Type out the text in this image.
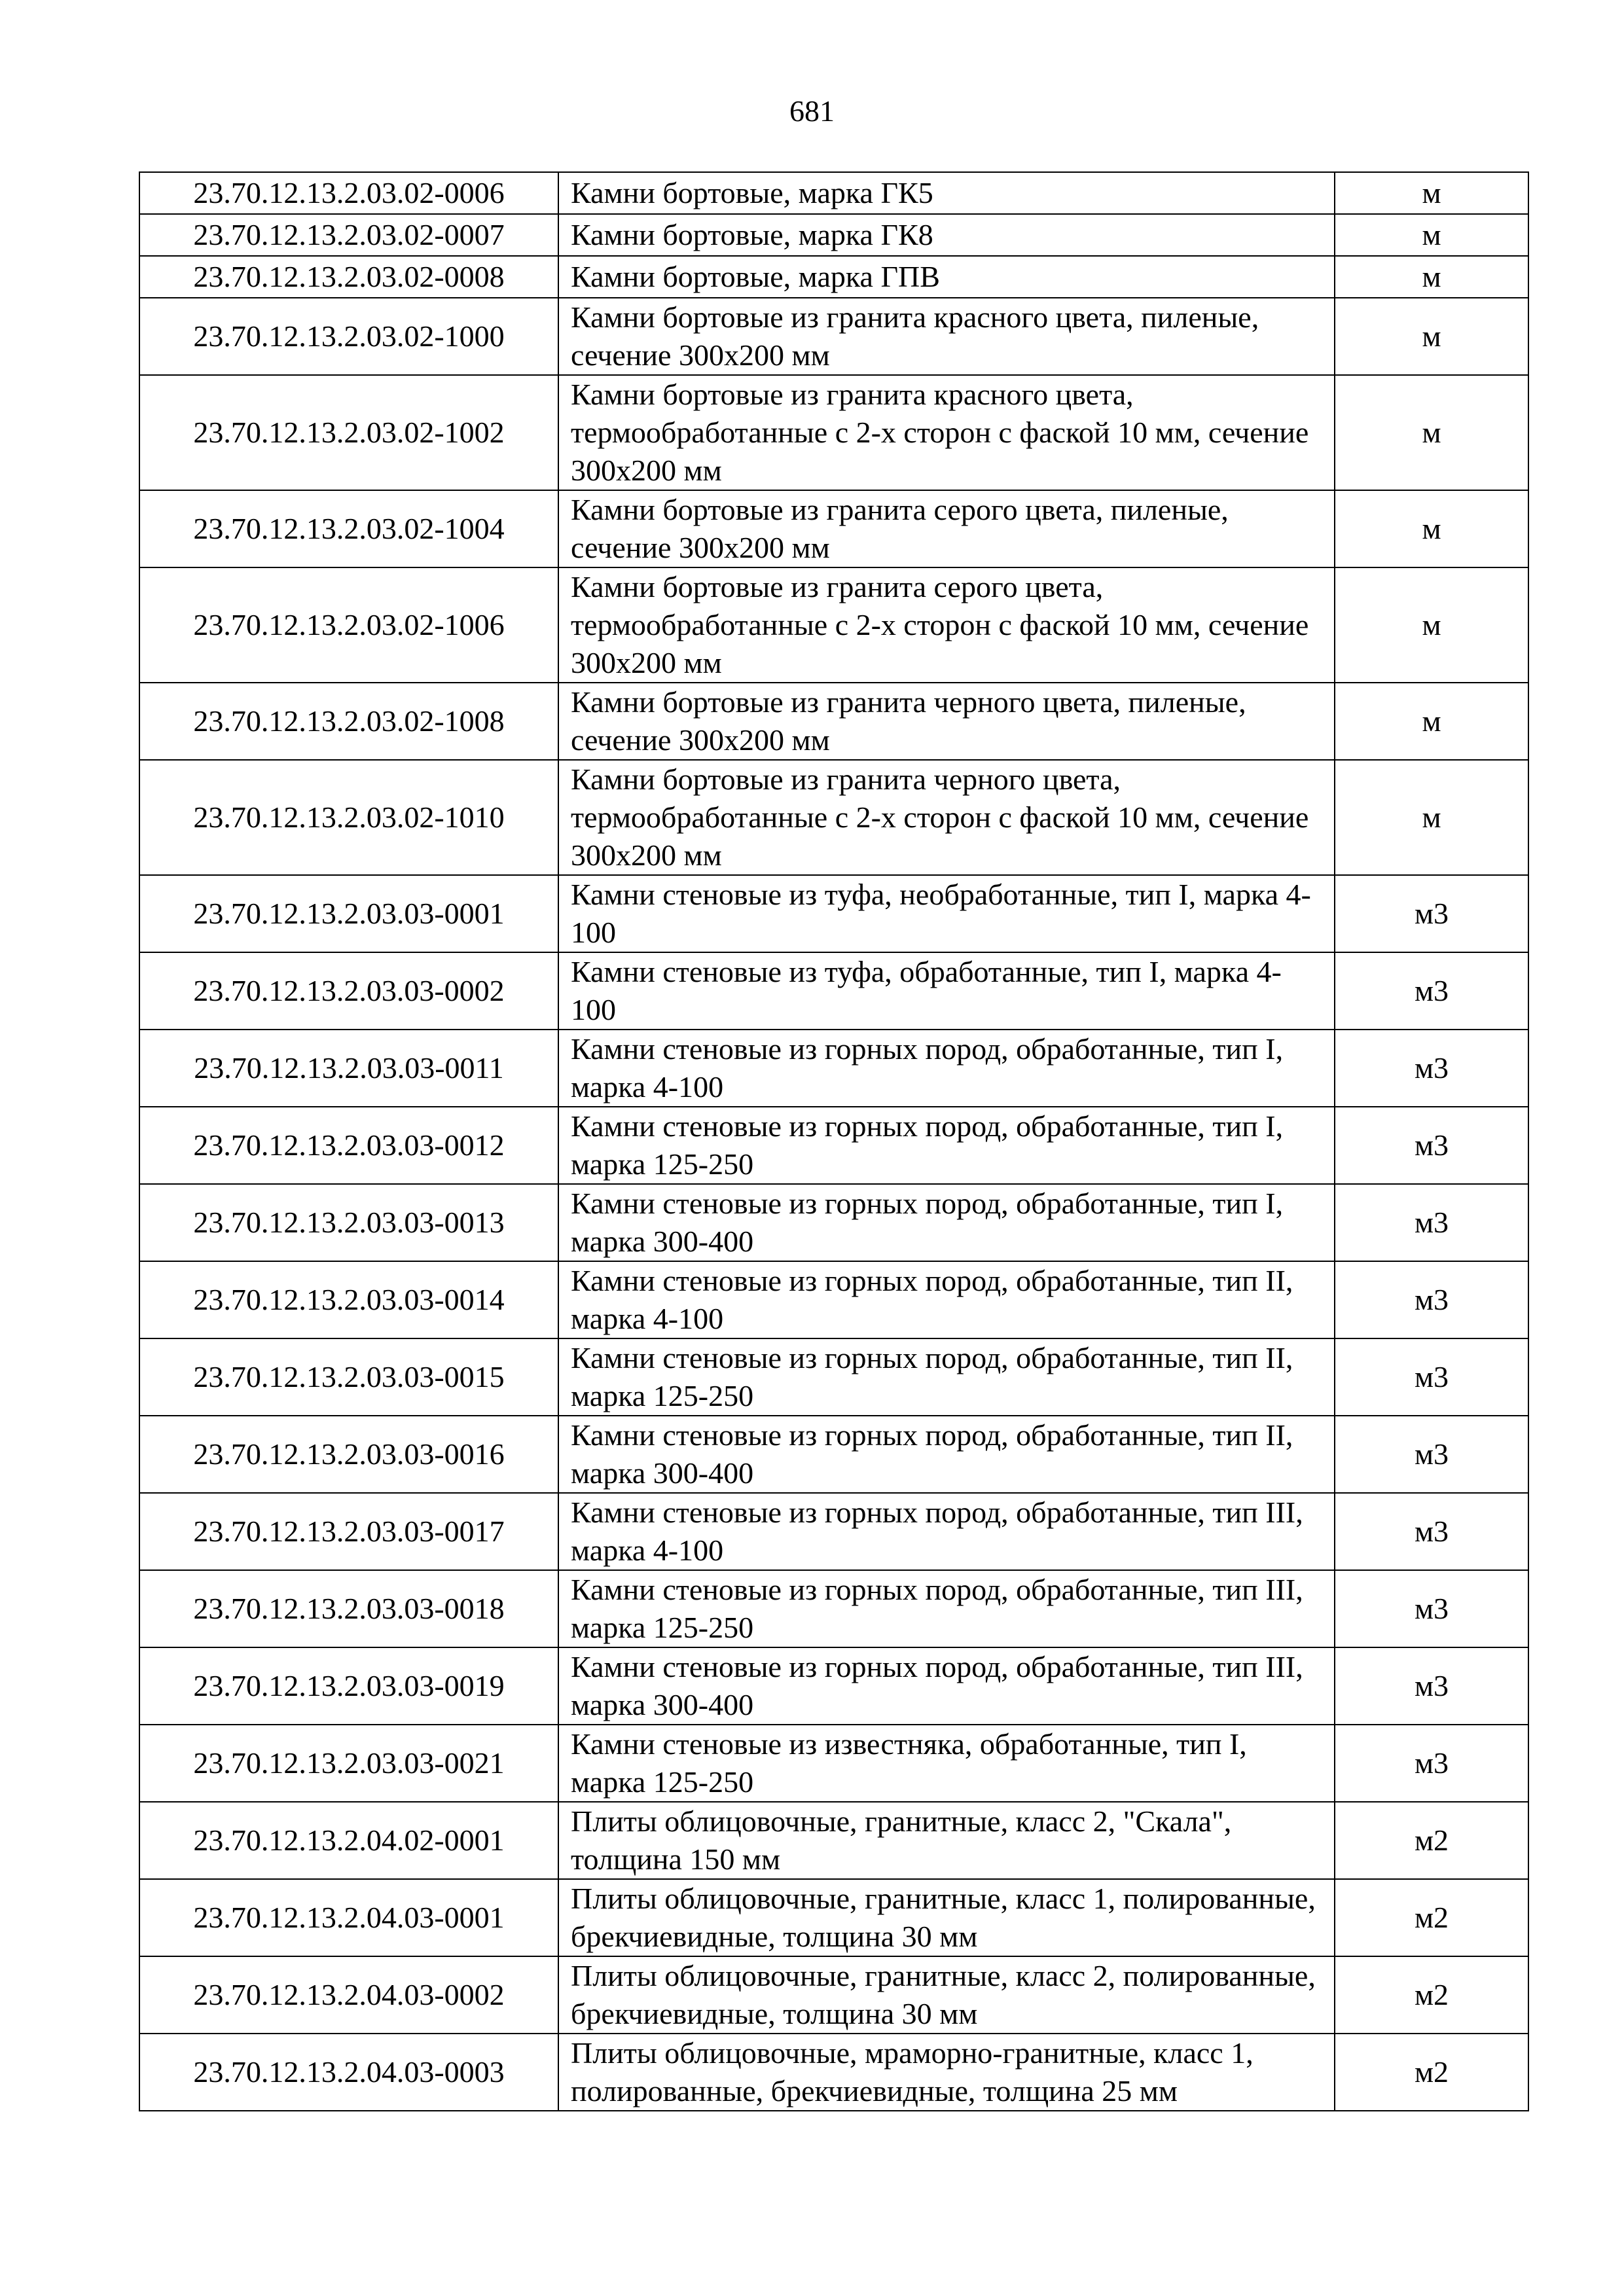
681
23.70.12.13.2.03.02-0006	Камни бортовые, марка ГК5	м
23.70.12.13.2.03.02-0007	Камни бортовые, марка ГК8	м
23.70.12.13.2.03.02-0008	Камни бортовые, марка ГПВ	м
23.70.12.13.2.03.02-1000	Камни бортовые из гранита красного цвета, пиленые, сечение 300х200 мм	м
23.70.12.13.2.03.02-1002	Камни бортовые из гранита красного цвета, термообработанные с 2-х сторон с фаской 10 мм, сечение 300х200 мм	м
23.70.12.13.2.03.02-1004	Камни бортовые из гранита серого цвета, пиленые, сечение 300х200 мм	м
23.70.12.13.2.03.02-1006	Камни бортовые из гранита серого цвета, термообработанные с 2-х сторон с фаской 10 мм, сечение 300х200 мм	м
23.70.12.13.2.03.02-1008	Камни бортовые из гранита черного цвета, пиленые, сечение 300х200 мм	м
23.70.12.13.2.03.02-1010	Камни бортовые из гранита черного цвета, термообработанные с 2-х сторон с фаской 10 мм, сечение 300х200 мм	м
23.70.12.13.2.03.03-0001	Камни стеновые из туфа, необработанные, тип I, марка 4-100	м3
23.70.12.13.2.03.03-0002	Камни стеновые из туфа, обработанные, тип I, марка 4-100	м3
23.70.12.13.2.03.03-0011	Камни стеновые из горных пород, обработанные, тип I, марка 4-100	м3
23.70.12.13.2.03.03-0012	Камни стеновые из горных пород, обработанные, тип I, марка 125-250	м3
23.70.12.13.2.03.03-0013	Камни стеновые из горных пород, обработанные, тип I, марка 300-400	м3
23.70.12.13.2.03.03-0014	Камни стеновые из горных пород, обработанные, тип II, марка 4-100	м3
23.70.12.13.2.03.03-0015	Камни стеновые из горных пород, обработанные, тип II, марка 125-250	м3
23.70.12.13.2.03.03-0016	Камни стеновые из горных пород, обработанные, тип II, марка 300-400	м3
23.70.12.13.2.03.03-0017	Камни стеновые из горных пород, обработанные, тип III, марка 4-100	м3
23.70.12.13.2.03.03-0018	Камни стеновые из горных пород, обработанные, тип III, марка 125-250	м3
23.70.12.13.2.03.03-0019	Камни стеновые из горных пород, обработанные, тип III, марка 300-400	м3
23.70.12.13.2.03.03-0021	Камни стеновые из известняка, обработанные, тип I, марка 125-250	м3
23.70.12.13.2.04.02-0001	Плиты облицовочные, гранитные, класс 2, "Скала", толщина 150 мм	м2
23.70.12.13.2.04.03-0001	Плиты облицовочные, гранитные, класс 1, полированные, брекчиевидные, толщина 30 мм	м2
23.70.12.13.2.04.03-0002	Плиты облицовочные, гранитные, класс 2, полированные, брекчиевидные, толщина 30 мм	м2
23.70.12.13.2.04.03-0003	Плиты облицовочные, мраморно-гранитные, класс 1, полированные, брекчиевидные, толщина 25 мм	м2
